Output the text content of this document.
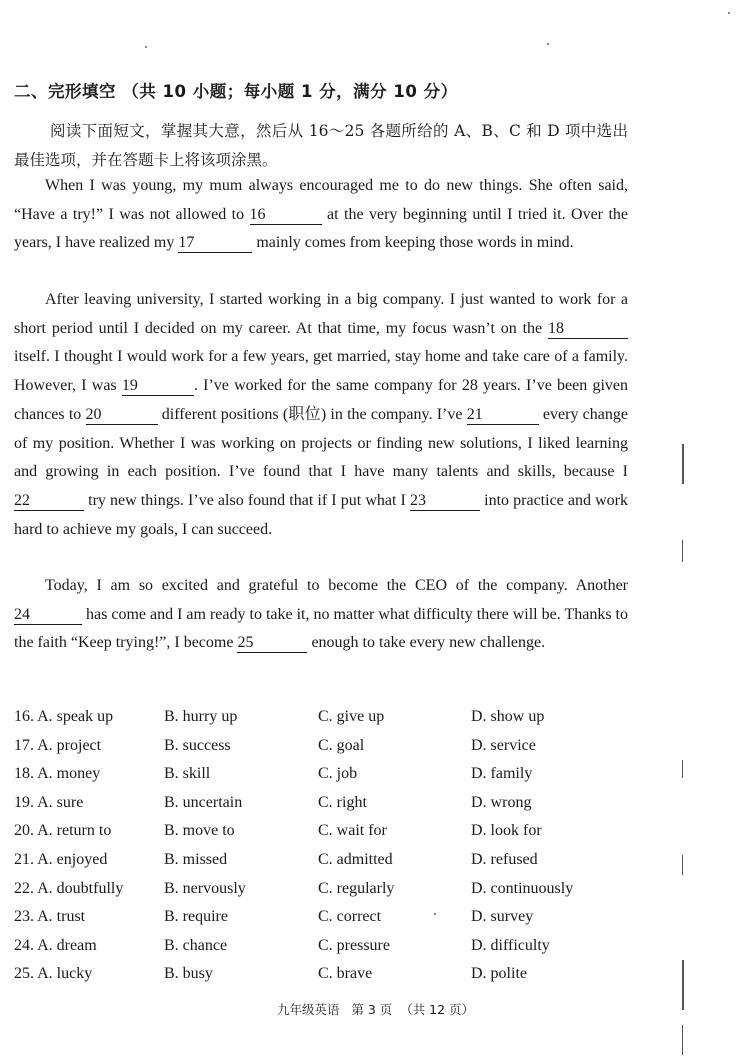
二、完形填空 （共 10 小题；每小题 1 分，满分 10 分）
阅读下面短文，掌握其大意，然后从 16～25 各题所给的 A、B、C 和 D 项中选出最佳选项，并在答题卡上将该项涂黑。
When I was young, my mum always encouraged me to do new things. She often said, “Have a try!” I was not allowed to 16	at the very beginning until I tried it. Over the years, I have realized my 17	mainly comes from keeping those words in mind.
After leaving university, I started working in a big company. I just wanted to work for a short period until I decided on my career. At that time, my focus wasn’t on the 18 itself. I thought I would work for a few years, get married, stay home and take care of a family. However, I was 19	. I’ve worked for the same company for 28 years. I’ve been given chances to 20	different positions (职位) in the company. I’ve 21	every change of my position. Whether I was working on projects or finding new solutions, I liked learning and growing in each position. I’ve found that I have many talents and skills, because I 22	try new things. I’ve also found that if I put what I 23	into practice and work hard to achieve my goals, I can succeed.
Today, I am so excited and grateful to become the CEO of the company. Another 24	has come and I am ready to take it, no matter what difficulty there will be. Thanks to the faith “Keep trying!”, I become 25	enough to take every new challenge.
16. A. speak up	B. hurry up	C. give up	D. show up
17. A. project	B. success	C. goal	D. service
18. A. money	B. skill	C. job	D. family
19. A. sure	B. uncertain	C. right	D. wrong
20. A. return to	B. move to	C. wait for	D. look for
21. A. enjoyed	B. missed	C. admitted	D. refused
22. A. doubtfully	B. nervously	C. regularly	D. continuously
23. A. trust	B. require	C. correct	D. survey
24. A. dream	B. chance	C. pressure	D. difficulty
25. A. lucky	B. busy	C. brave	D. polite
九年级英语   第 3 页  （共 12 页）
